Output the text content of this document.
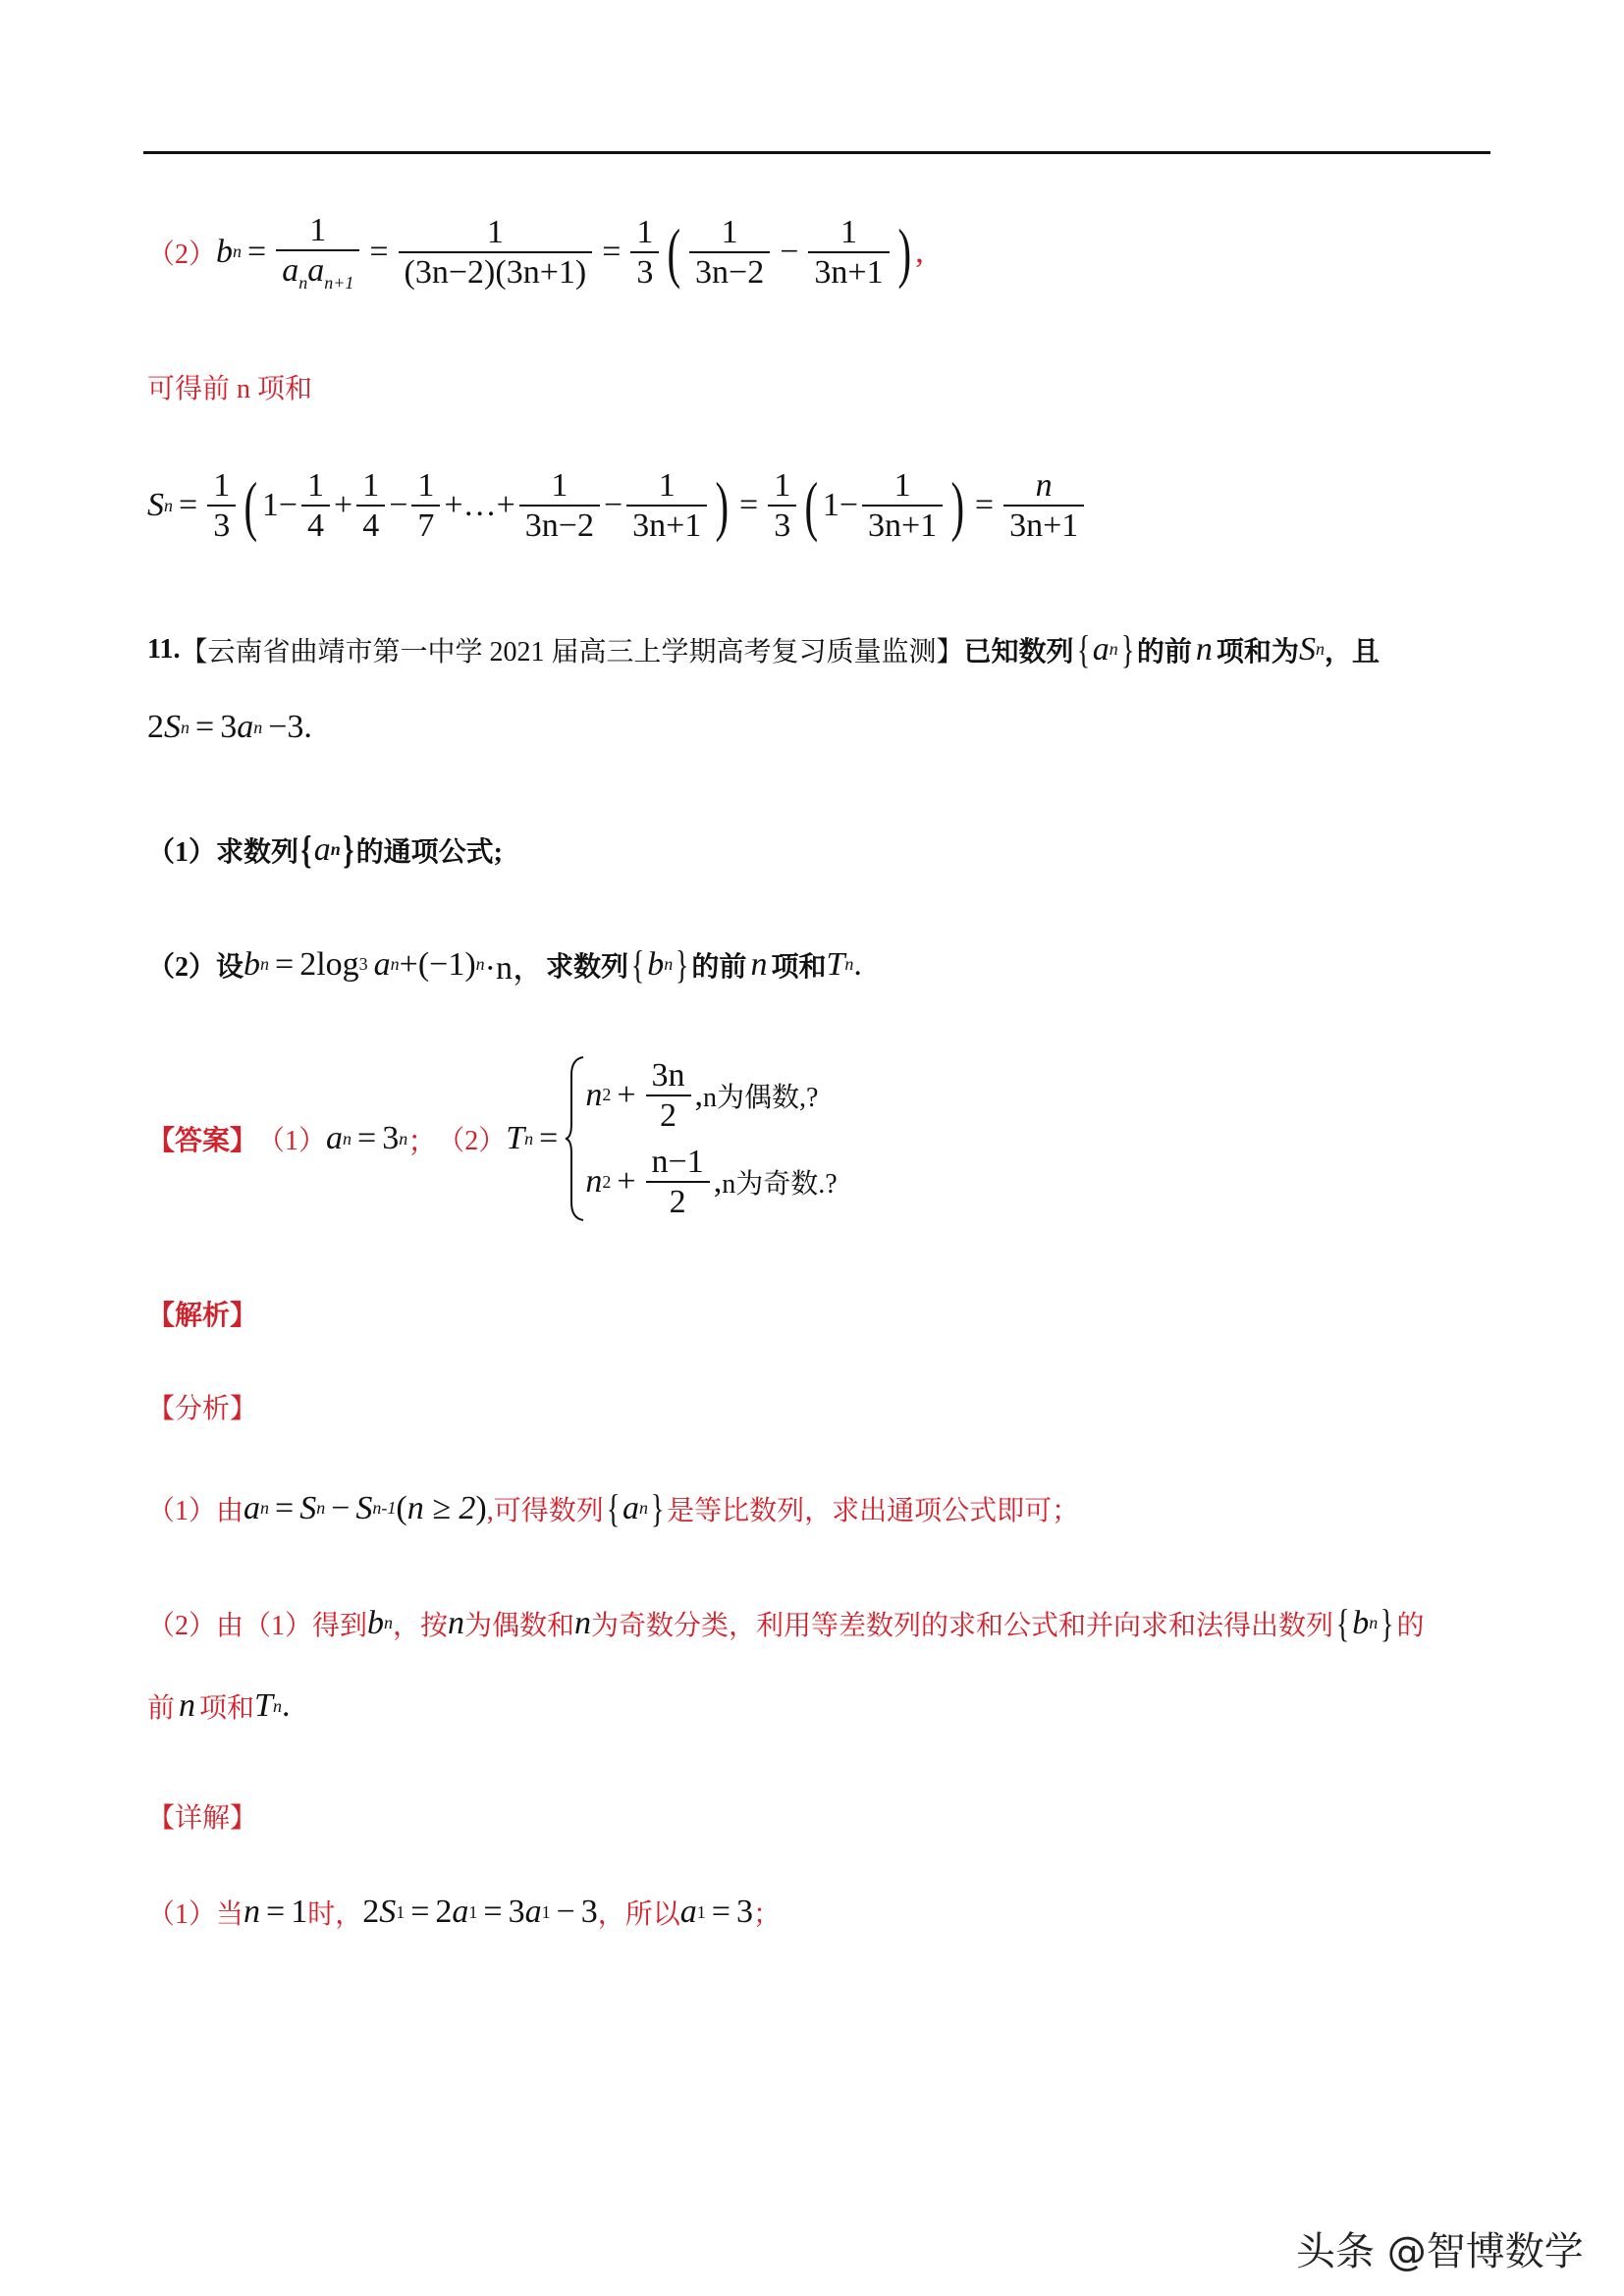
（2） b $n = \frac{1}{a_na_{n+1}} = \frac{1}{(3n-2)(3n+1)} = \frac{1}{3}$ ( $\frac{1}{3n-2} - \frac{1}{3n+1}$ ) ,
可得前 n 项和
S $n = \frac{1}{3}$ ( $1 - \frac{1}{4} + \frac{1}{4} - \frac{1}{7}$ + … + $\frac{1}{3n-2} - \frac{1}{3n+1}$ ) = $\frac{1}{3}$ ( $1 - \frac{1}{3n+1}$ ) = $\frac{n}{3n+1}$
11. 【云南省曲靖市第一中学 2021 届高三上学期高考复习质量监测】 已知数列 { a n } 的前 n 项和为 S n ，且
2 S n = 3 a n −3.
（1） 求数列 { a n } 的通项公式;
（2） 设 b n = 2log 3 a n +(−1) n ·n， 求数列 { b n } 的前 n 项和 T n .
【答案】 （1） a n = 3 n ； （2） T n =
n $2 + \frac{3n}{2}$ , n为偶数,?
n $2 + \frac{n-1}{2}$ , n为奇数.?
【解析】
【分析】
（1）由 a n = S n − S n-1 ( n ≥ 2 ) ,可得数列 { a n } 是等比数列，求出通项公式即可；
（2）由（1）得到 b n ，按 n 为偶数和 n 为奇数分类，利用等差数列的求和公式和并向求和法得出数列 { b n } 的
前 n 项和 T n .
【详解】
（1）当 n = 1 时， 2 S 1 = 2 a 1 = 3 a 1 − 3 ，所以 a 1 = 3 ；
头条 @智博数学
